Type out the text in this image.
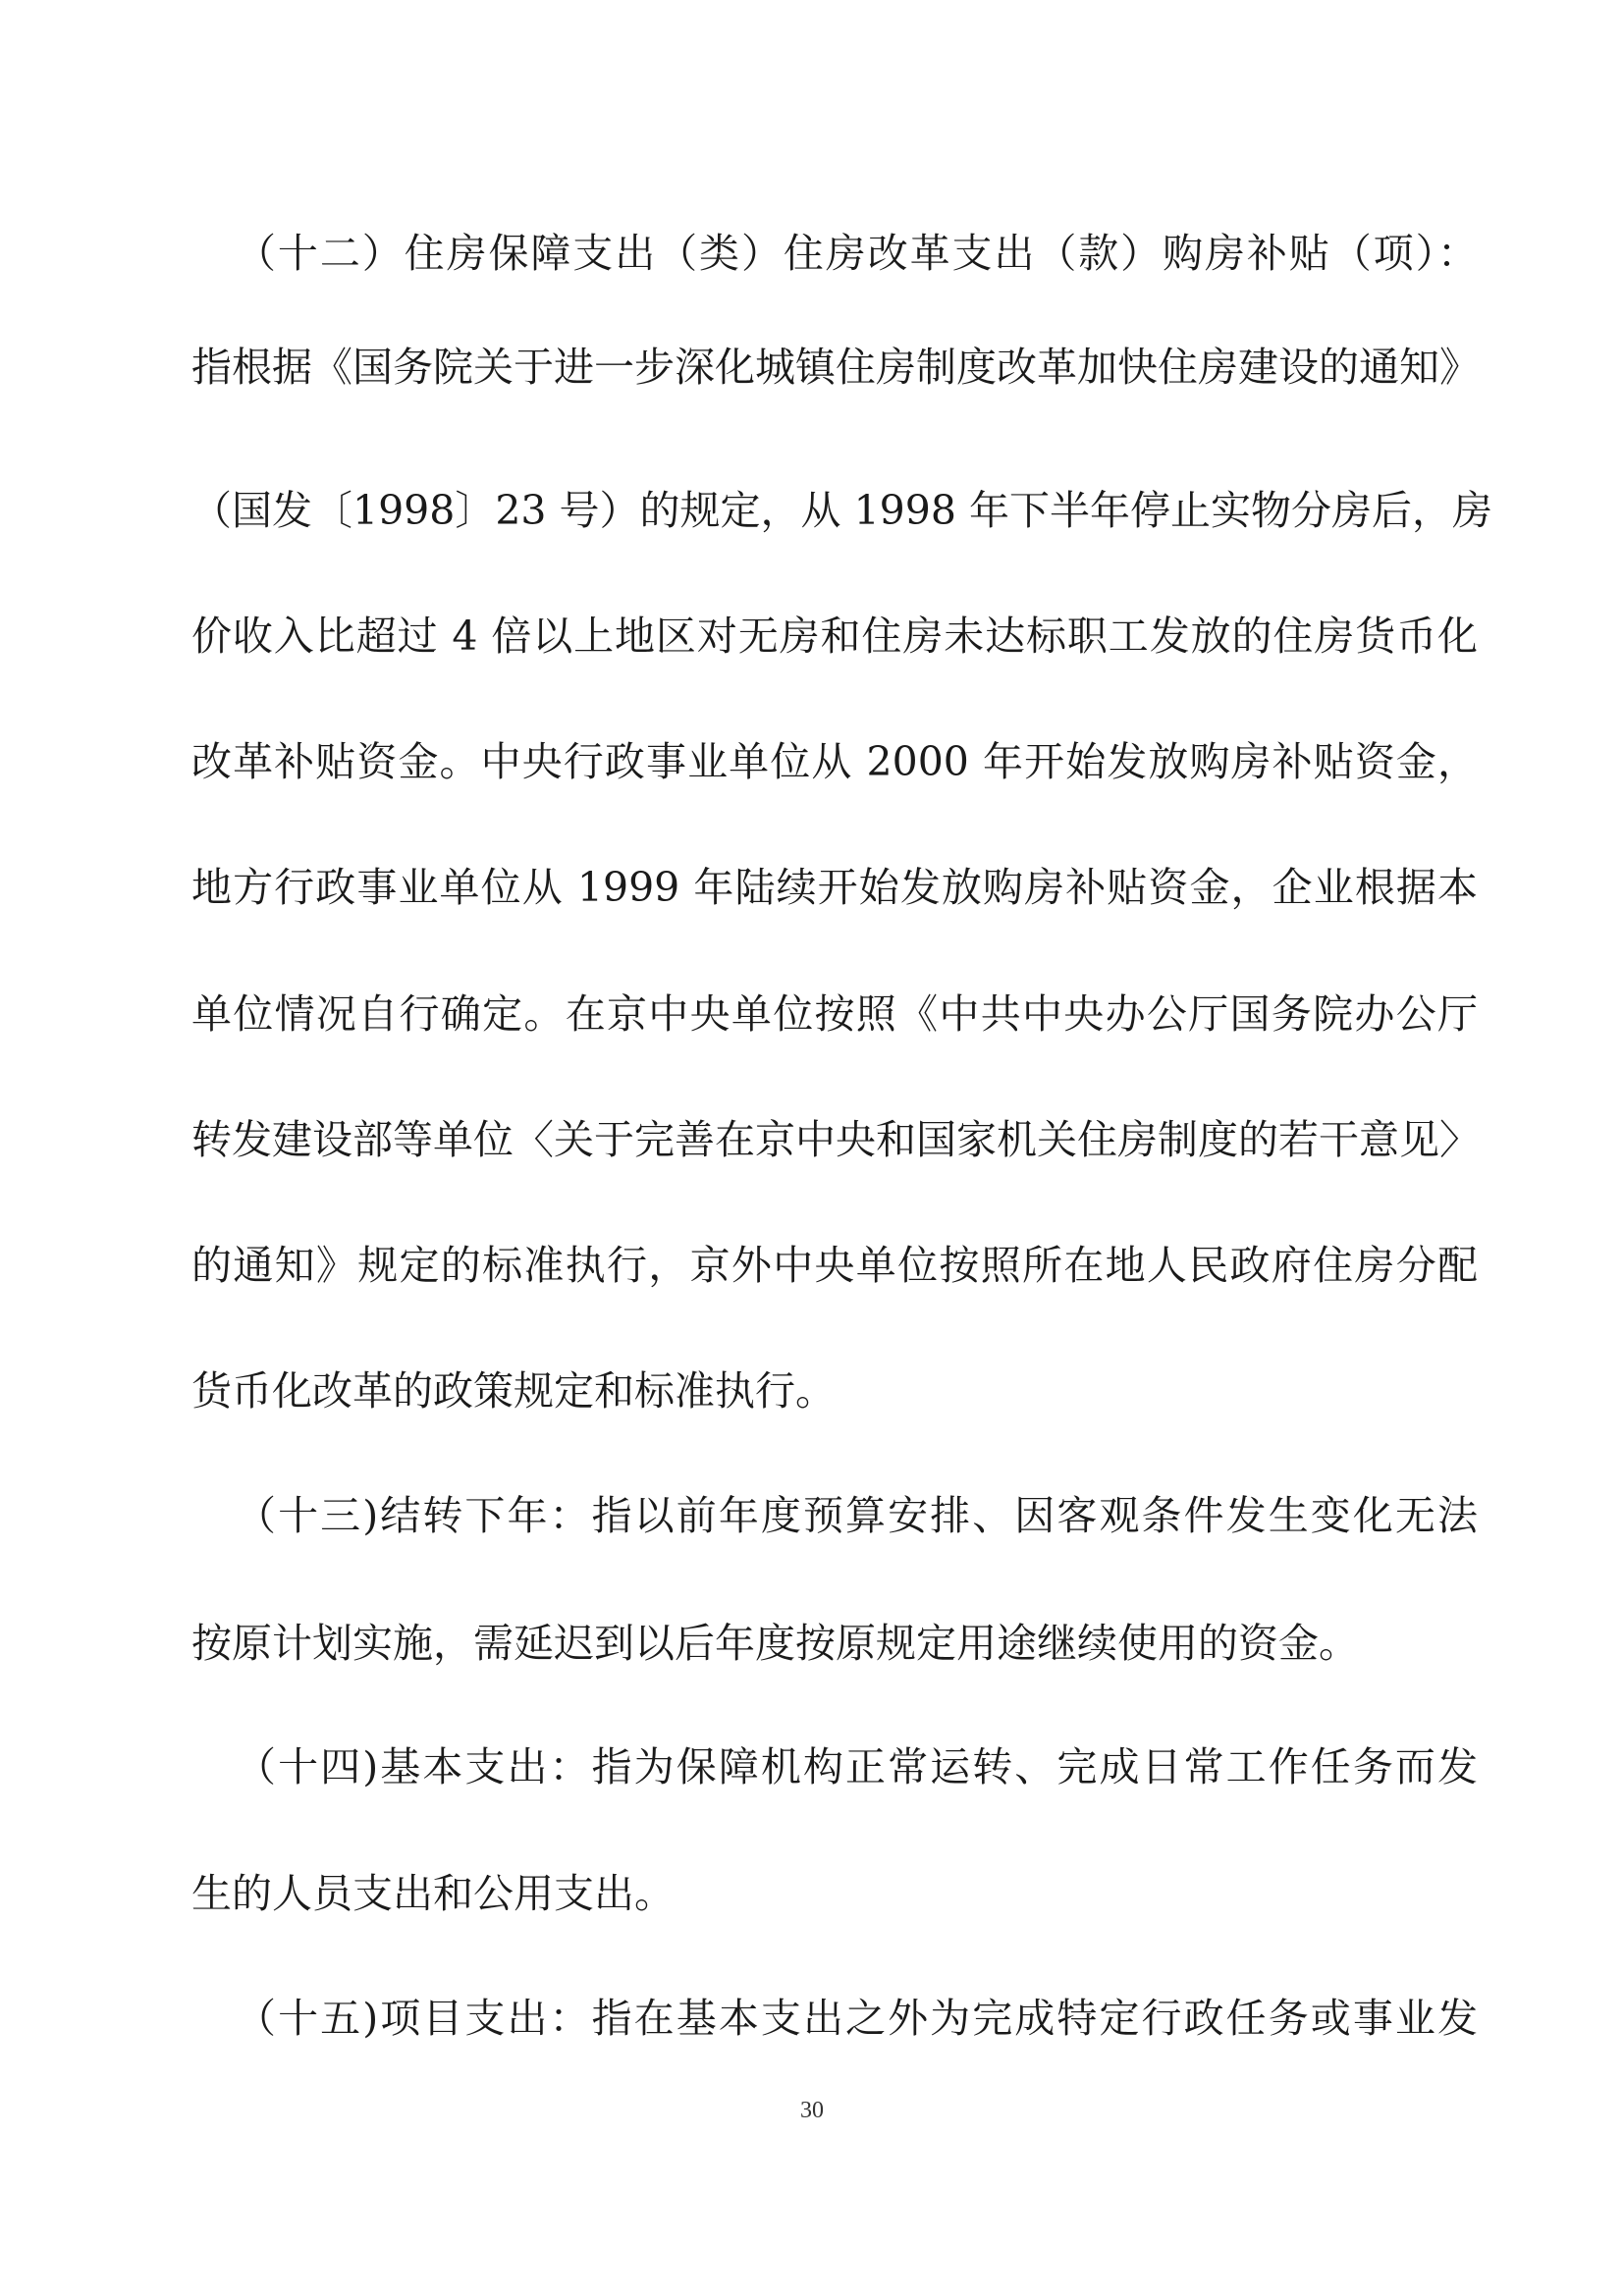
（十二）住房保障支出（类）住房改革支出（款）购房补贴（项）：
指根据《国务院关于进一步深化城镇住房制度改革加快住房建设的通知》
（国发〔1998〕23 号）的规定，从 1998 年下半年停止实物分房后，房
价收入比超过 4 倍以上地区对无房和住房未达标职工发放的住房货币化
改革补贴资金。中央行政事业单位从 2000 年开始发放购房补贴资金，
地方行政事业单位从 1999 年陆续开始发放购房补贴资金，企业根据本
单位情况自行确定。在京中央单位按照《中共中央办公厅国务院办公厅
转发建设部等单位〈关于完善在京中央和国家机关住房制度的若干意见〉
的通知》规定的标准执行，京外中央单位按照所在地人民政府住房分配
货币化改革的政策规定和标准执行。
（十三)结转下年：指以前年度预算安排、因客观条件发生变化无法
按原计划实施，需延迟到以后年度按原规定用途继续使用的资金。
（十四)基本支出：指为保障机构正常运转、完成日常工作任务而发
生的人员支出和公用支出。
（十五)项目支出：指在基本支出之外为完成特定行政任务或事业发
30
